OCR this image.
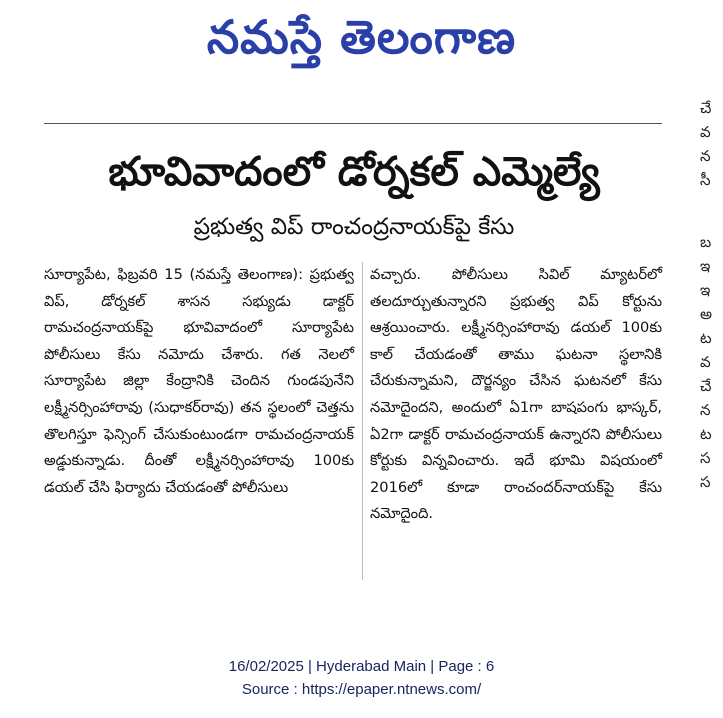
నమస్తే తెలంగాణ
భూవివాదంలో డోర్నకల్ ఎమ్మెల్యే
ప్రభుత్వ విప్ రాంచంద్రనాయక్‌పై కేసు
సూర్యాపేట, ఫిబ్రవరి 15 (నమస్తే తెలంగాణ): ప్రభుత్వ విప్, డోర్నకల్ శాసన సభ్యుడు డాక్టర్ రామచంద్రనాయక్‌పై భూవివాదంలో సూర్యాపేట పోలీసులు కేసు నమోదు చేశారు. గత నెలలో సూర్యాపేట జిల్లా కేంద్రానికి చెందిన గుండపునేని లక్ష్మీనర్సింహారావు (సుధాకర్‌రావు) తన స్థలంలో చెత్తను తొలగిస్తూ ఫెన్సింగ్ చేసుకుంటుండగా రామచంద్రనాయక్ అడ్డుకున్నాడు. దీంతో లక్ష్మీనర్సింహారావు 100కు డయల్ చేసి ఫిర్యాదు చేయడంతో పోలీసులు
వచ్చారు. పోలీసులు సివిల్ మ్యాటర్‌లో తలదూర్చుతున్నారని ప్రభుత్వ విప్ కోర్టును ఆశ్రయించారు. లక్ష్మీనర్సింహారావు డయల్ 100కు కాల్ చేయడంతో తాము ఘటనా స్థలానికి చేరుకున్నామని, దౌర్జన్యం చేసిన ఘటనలో కేసు నమోదైందని, అందులో ఏ1గా బాషపంగు భాస్కర్, ఏ2గా డాక్టర్ రామచంద్రనాయక్ ఉన్నారని పోలీసులు కోర్టుకు విన్నవించారు. ఇదే భూమి విషయంలో 2016లో కూడా రాంచందర్‌నాయక్‌పై కేసు నమోదైంది.
చే
వ
న
సీ
బ
ఇ
ఇ
అ
ట
వ
చే
న
ట
స
స
16/02/2025 | Hyderabad Main | Page : 6
Source : https://epaper.ntnews.com/
